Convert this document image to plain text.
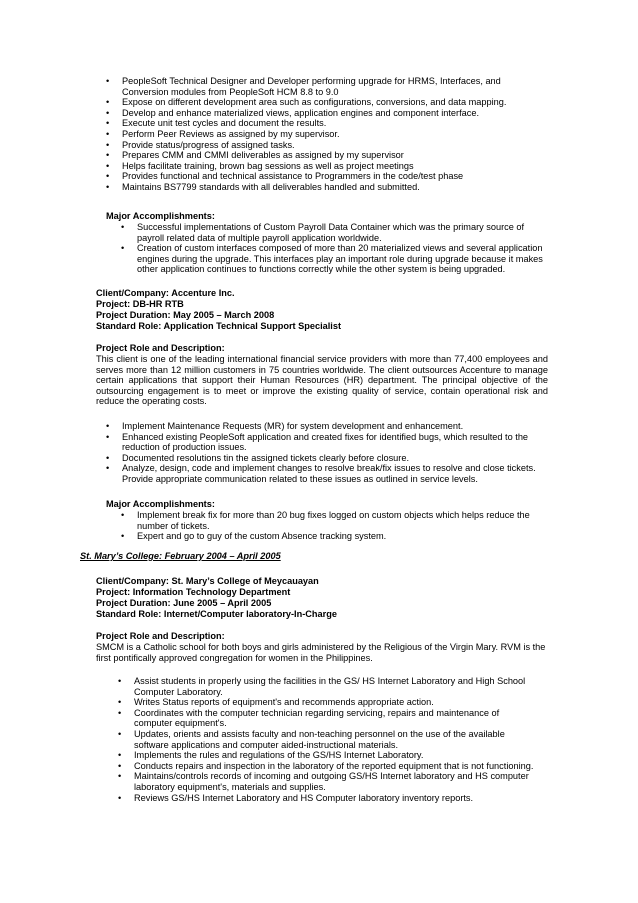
• PeopleSoft Technical Designer and Developer performing upgrade for HRMS, Interfaces, and Conversion modules from PeopleSoft HCM 8.8 to 9.0
• Expose on different development area such as configurations, conversions, and data mapping.
• Develop and enhance materialized views, application engines and component interface.
• Execute unit test cycles and document the results.
• Perform Peer Reviews as assigned by my supervisor.
• Provide status/progress of assigned tasks.
• Prepares CMM and CMMI deliverables as assigned by my supervisor
• Helps facilitate training, brown bag sessions as well as project meetings
• Provides functional and technical assistance to Programmers in the code/test phase
• Maintains BS7799 standards with all deliverables handled and submitted.
Major Accomplishments:
• Successful implementations of Custom Payroll Data Container which was the primary source of payroll related data of multiple payroll application worldwide.
• Creation of custom interfaces composed of more than 20 materialized views and several application engines during the upgrade. This interfaces play an important role during upgrade because it makes other application continues to functions correctly while the other system is being upgraded.
Client/Company: Accenture Inc.
Project: DB-HR RTB
Project Duration: May 2005 – March 2008
Standard Role: Application Technical Support Specialist
Project Role and Description:
This client is one of the leading international financial service providers with more than 77,400 employees and serves more than 12 million customers in 75 countries worldwide. The client outsources Accenture to manage certain applications that support their Human Resources (HR) department. The principal objective of the outsourcing engagement is to meet or improve the existing quality of service, contain operational risk and reduce the operating costs.
• Implement Maintenance Requests (MR) for system development and enhancement.
• Enhanced existing PeopleSoft application and created fixes for identified bugs, which resulted to the reduction of production issues.
• Documented resolutions tin the assigned tickets clearly before closure.
• Analyze, design, code and implement changes to resolve break/fix issues to resolve and close tickets. Provide appropriate communication related to these issues as outlined in service levels.
Major Accomplishments:
• Implement break fix for more than 20 bug fixes logged on custom objects which helps reduce the number of tickets.
• Expert and go to guy of the custom Absence tracking system.
St. Mary’s College: February 2004 – April 2005
Client/Company: St. Mary’s College of Meycauayan
Project: Information Technology Department
Project Duration: June 2005 – April 2005
Standard Role: Internet/Computer laboratory-In-Charge
Project Role and Description:
SMCM is a Catholic school for both boys and girls administered by the Religious of the Virgin Mary. RVM is the first pontifically approved congregation for women in the Philippines.
• Assist students in properly using the facilities in the GS/ HS Internet Laboratory and High School Computer Laboratory.
• Writes Status reports of equipment's and recommends appropriate action.
• Coordinates with the computer technician regarding servicing, repairs and maintenance of computer equipment's.
• Updates, orients and assists faculty and non-teaching personnel on the use of the available software applications and computer aided-instructional materials.
• Implements the rules and regulations of the GS/HS Internet Laboratory.
• Conducts repairs and inspection in the laboratory of the reported equipment that is not functioning.
• Maintains/controls records of incoming and outgoing GS/HS Internet laboratory and HS computer laboratory equipment's, materials and supplies.
• Reviews GS/HS Internet Laboratory and HS Computer laboratory inventory reports.
